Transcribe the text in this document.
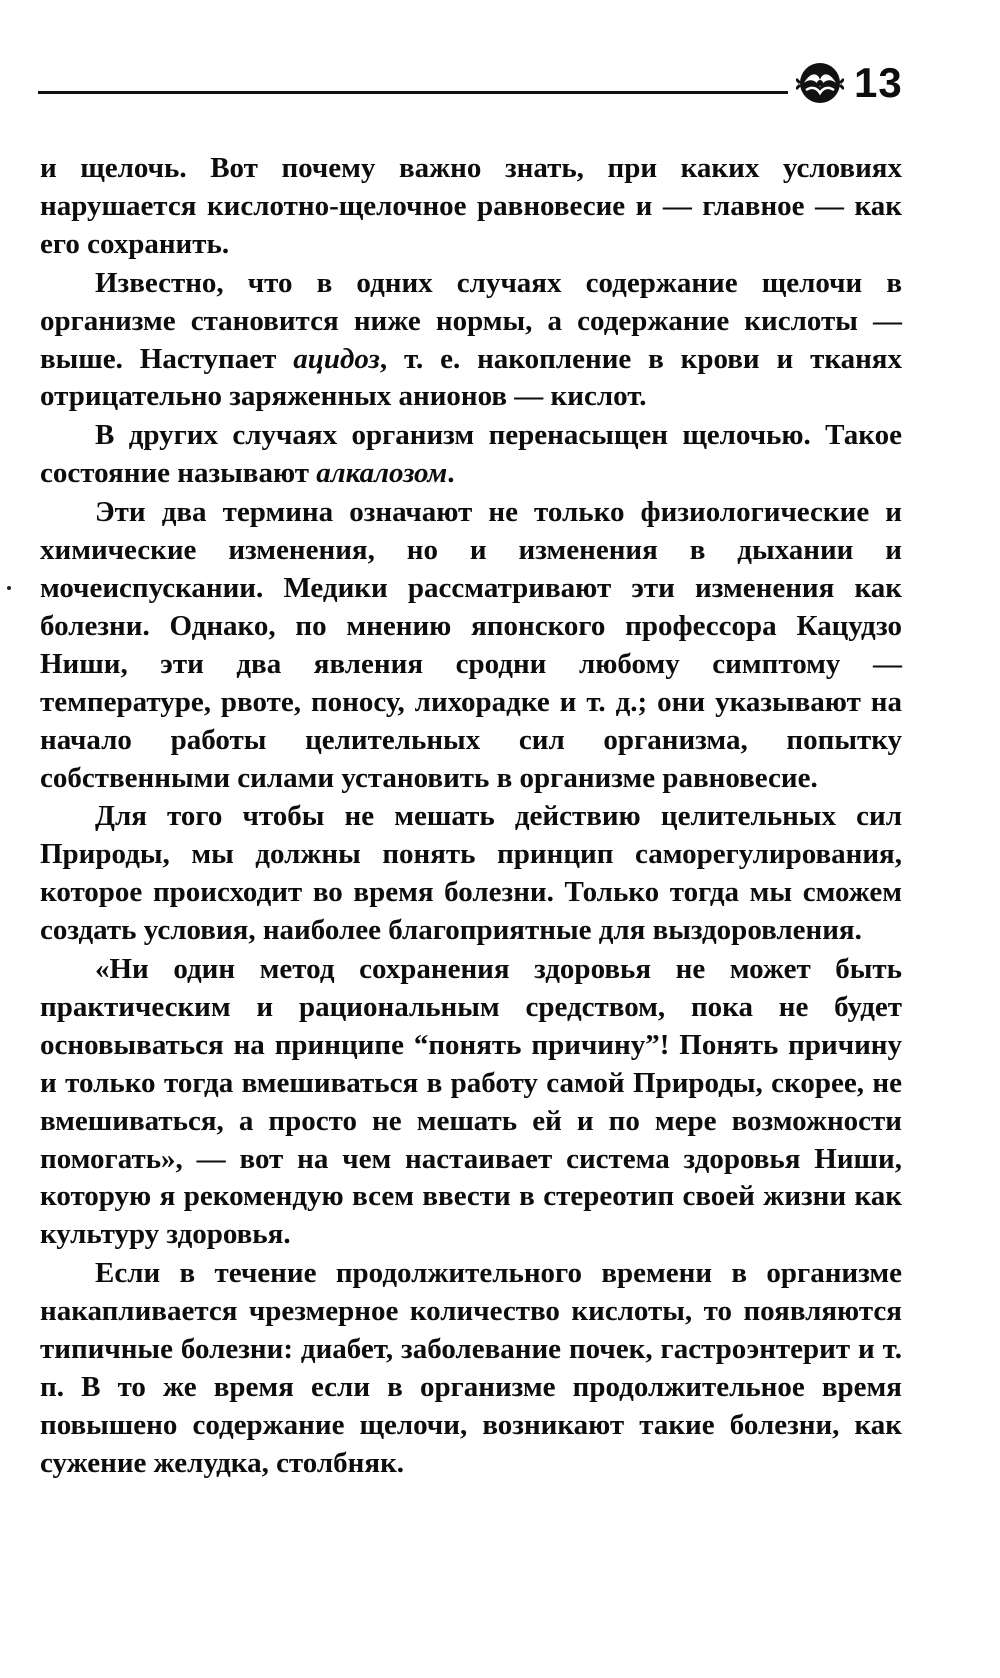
13

и щелочь. Вот почему важно знать, при каких условиях нарушается кислотно-щелочное равновесие и — главное — как его сохранить.

Известно, что в одних случаях содержание щелочи в организме становится ниже нормы, а содержание кислоты — выше. Наступает ацидоз, т. е. накопление в крови и тканях отрицательно заряженных анионов — кислот.

В других случаях организм перенасыщен щелочью. Такое состояние называют алкалозом.

Эти два термина означают не только физиологические и химические изменения, но и изменения в дыхании и мочеиспускании. Медики рассматривают эти изменения как болезни. Однако, по мнению японского профессора Кацудзо Ниши, эти два явления сродни любому симптому — температуре, рвоте, поносу, лихорадке и т. д.; они указывают на начало работы целительных сил организма, попытку собственными силами установить в организме равновесие.

Для того чтобы не мешать действию целительных сил Природы, мы должны понять принцип саморегулирования, которое происходит во время болезни. Только тогда мы сможем создать условия, наиболее благоприятные для выздоровления.

«Ни один метод сохранения здоровья не может быть практическим и рациональным средством, пока не будет основываться на принципе “понять причину”! Понять причину и только тогда вмешиваться в работу самой Природы, скорее, не вмешиваться, а просто не мешать ей и по мере возможности помогать», — вот на чем настаивает система здоровья Ниши, которую я рекомендую всем ввести в стереотип своей жизни как культуру здоровья.

Если в течение продолжительного времени в организме накапливается чрезмерное количество кислоты, то появляются типичные болезни: диабет, заболевание почек, гастроэнтерит и т. п. В то же время если в организме продолжительное время повышено содержание щелочи, возникают такие болезни, как сужение желудка, столбняк.
